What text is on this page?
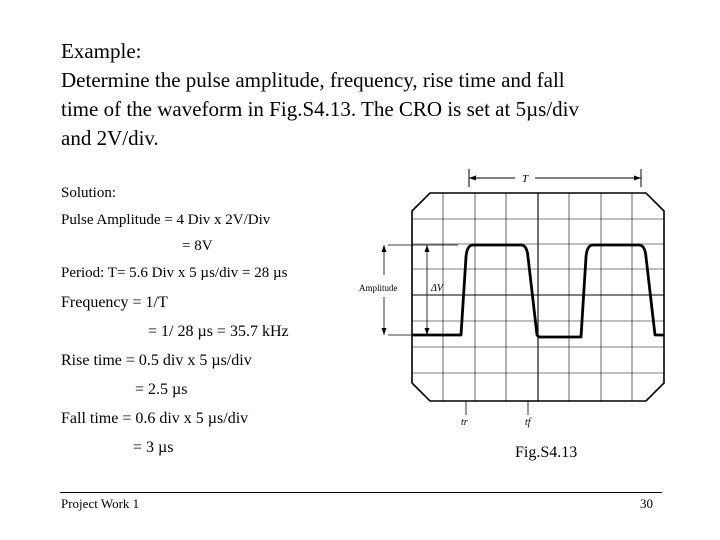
Example:
Determine the pulse amplitude, frequency, rise time and fall
time of the waveform in Fig.S4.13. The CRO is set at 5µs/div
and 2V/div.
Solution:
Pulse Amplitude = 4 Div x 2V/Div
= 8V
Period: T= 5.6 Div x 5 µs/div = 28 µs
Frequency = 1/T
= 1/ 28 µs = 35.7 kHz
Rise time = 0.5 div x 5 µs/div
= 2.5 µs
Fall time = 0.6 div x 5 µs/div
= 3 µs
T
Amplitude	ΔV
tr	tf
Fig.S4.13
Project Work 1	30
